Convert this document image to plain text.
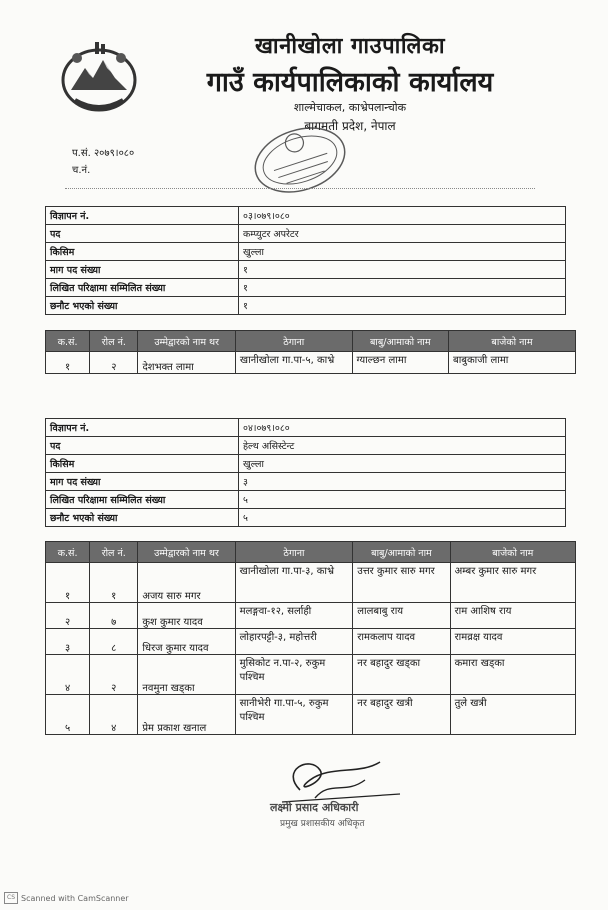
खानीखोला गाउपालिका
गाउँ कार्यपालिकाको कार्यालय
शाल्मेचाकल, काभ्रेपलान्चोक
बागमती प्रदेश, नेपाल
प.सं. २०७९।०८०
च.नं.
विज्ञापन नं.	०३।०७९।०८०
पद	कम्प्युटर अपरेटर
किसिम	खुल्ला
माग पद संख्या	१
लिखित परिक्षामा सम्मिलित संख्या	१
छनौट भएको संख्या	१
क.सं.	रोल नं.	उम्मेद्वारको नाम थर	ठेगाना	बाबु/आमाको नाम	बाजेको नाम
१	२	देशभक्त लामा	खानीखोला गा.पा-५, काभ्रे	ग्याल्छन लामा	बाबुकाजी लामा
विज्ञापन नं.	०४।०७९।०८०
पद	हेल्थ असिस्टेन्ट
किसिम	खुल्ला
माग पद संख्या	३
लिखित परिक्षामा सम्मिलित संख्या	५
छनौट भएको संख्या	५
क.सं.	रोल नं.	उम्मेद्वारको नाम थर	ठेगाना	बाबु/आमाको नाम	बाजेको नाम
१	१	अजय सारु मगर	खानीखोला गा.पा-३, काभ्रे	उत्तर कुमार सारु मगर	अम्बर कुमार सारु मगर
२	७	कुश कुमार यादव	मलङ्गवा-१२, सर्लाही	लालबाबु राय	राम आशिष राय
३	८	धिरज कुमार यादव	लोहारपट्टी-३, महोत्तरी	रामकलाप यादव	रामव्रक्ष यादव
४	२	नवमुना खड्का	मुसिकोट न.पा-२, रुकुम पश्चिम	नर बहादुर खड्का	कमारा खड्का
५	४	प्रेम प्रकाश खनाल	सानीभेरी गा.पा-५, रुकुम पश्चिम	नर बहादुर खत्री	तुले खत्री
लक्ष्मी प्रसाद अधिकारी
प्रमुख प्रशासकीय अधिकृत
CS Scanned with CamScanner
